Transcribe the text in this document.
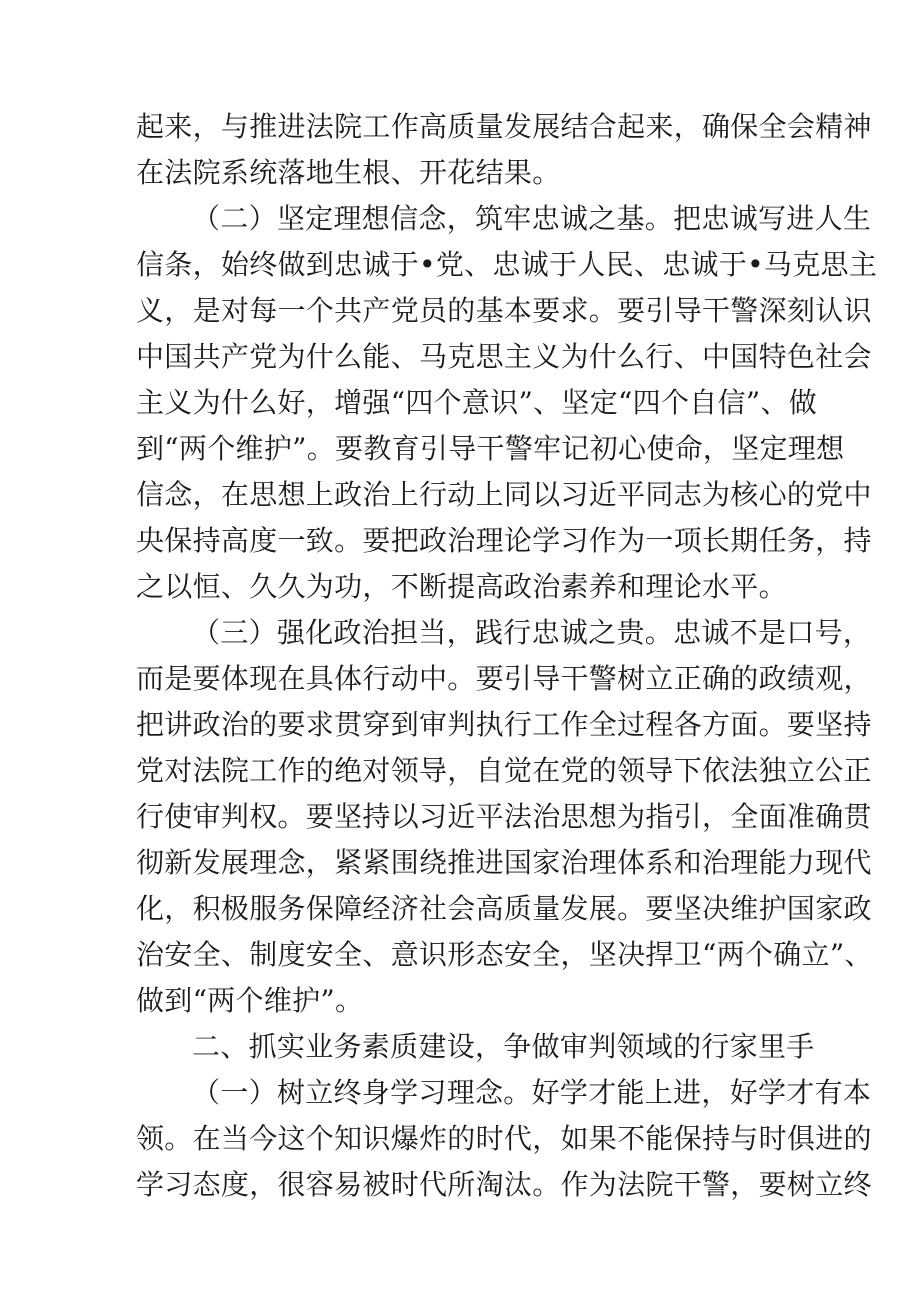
起来，与推进法院工作高质量发展结合起来，确保全会精神
在法院系统落地生根、开花结果。
（二）坚定理想信念，筑牢忠诚之基。把忠诚写进人生
信条，始终做到忠诚于•党、忠诚于人民、忠诚于•马克思主
义，是对每一个共产党员的基本要求。要引导干警深刻认识
中国共产党为什么能、马克思主义为什么行、中国特色社会
主义为什么好，增强“四个意识”、坚定“四个自信”、做
到“两个维护”。要教育引导干警牢记初心使命，坚定理想
信念，在思想上政治上行动上同以习近平同志为核心的党中
央保持高度一致。要把政治理论学习作为一项长期任务，持
之以恒、久久为功，不断提高政治素养和理论水平。
（三）强化政治担当，践行忠诚之贵。忠诚不是口号，
而是要体现在具体行动中。要引导干警树立正确的政绩观，
把讲政治的要求贯穿到审判执行工作全过程各方面。要坚持
党对法院工作的绝对领导，自觉在党的领导下依法独立公正
行使审判权。要坚持以习近平法治思想为指引，全面准确贯
彻新发展理念，紧紧围绕推进国家治理体系和治理能力现代
化，积极服务保障经济社会高质量发展。要坚决维护国家政
治安全、制度安全、意识形态安全，坚决捍卫“两个确立”、
做到“两个维护”。
二、抓实业务素质建设，争做审判领域的行家里手
（一）树立终身学习理念。好学才能上进，好学才有本
领。在当今这个知识爆炸的时代，如果不能保持与时俱进的
学习态度，很容易被时代所淘汰。作为法院干警，要树立终
